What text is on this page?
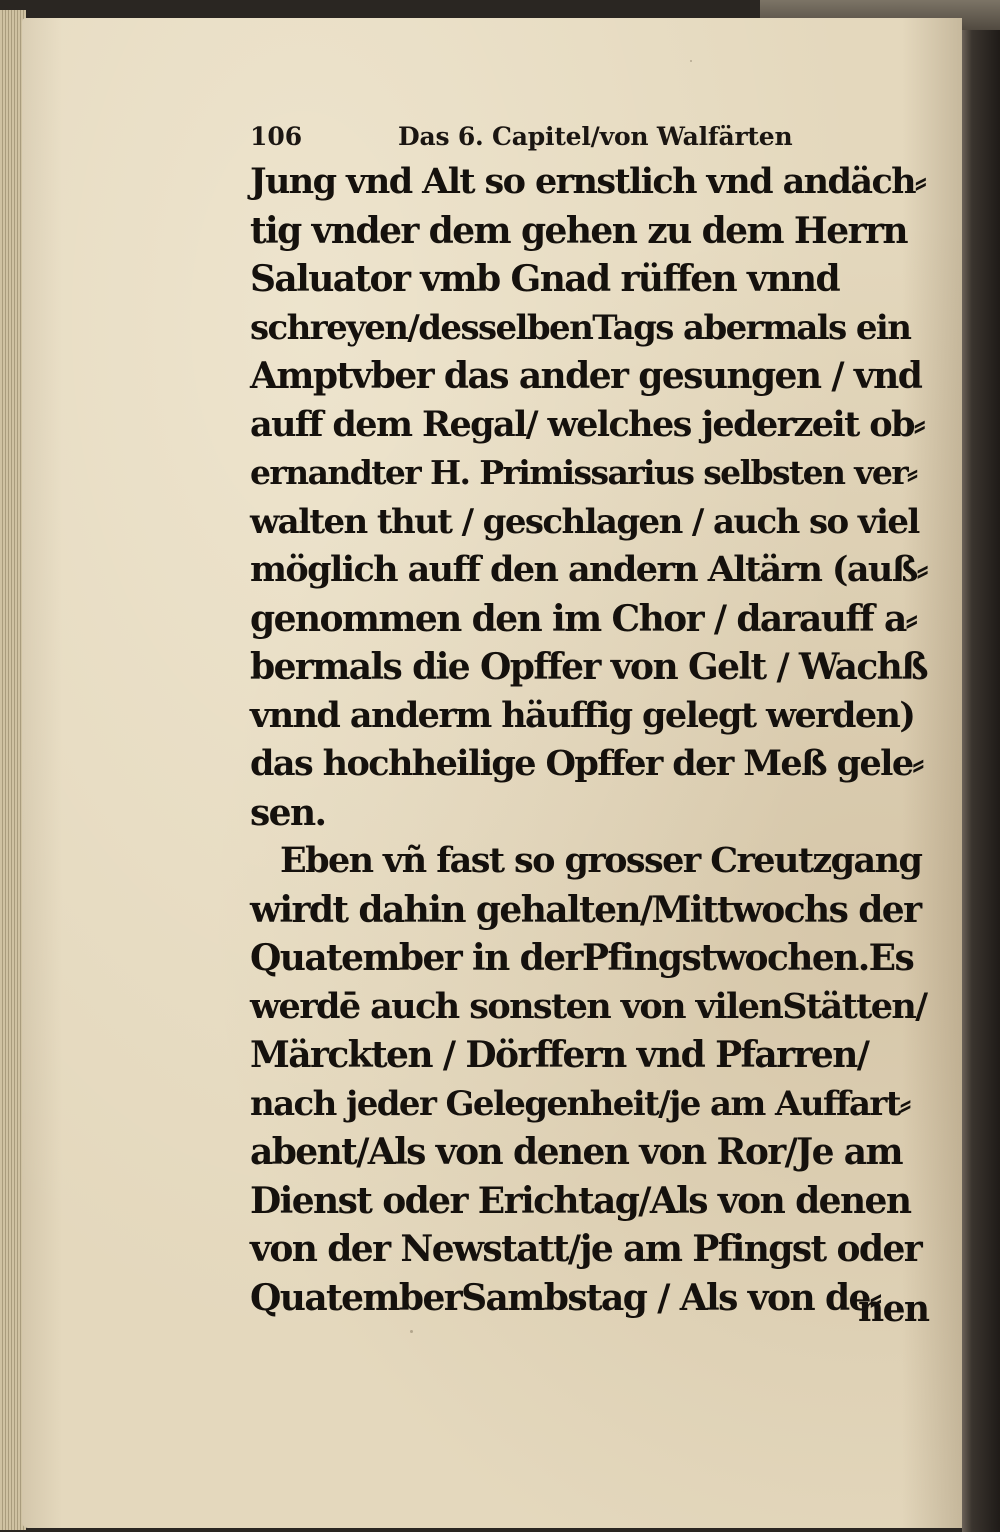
106	Das 6. Capitel/von Walfärten
Jung vnd Alt so ernstlich vnd andäch⸗
tig vnder dem gehen zu dem Herrn
Saluator vmb Gnad rüffen vnnd
schreyen/desselbenTags abermals ein
Amptvber das ander gesungen / vnd
auff dem Regal/ welches jederzeit ob⸗
ernandter H. Primissarius selbsten ver⸗
walten thut / geschlagen / auch so viel
möglich auff den andern Altärn (auß⸗
genommen den im Chor / darauff a⸗
bermals die Opffer von Gelt / Wachß
vnnd anderm häuffig gelegt werden)
das hochheilige Opffer der Meß gele⸗
sen.
Eben vñ fast so grosser Creutzgang
wirdt dahin gehalten/Mittwochs der
Quatember in derPfingstwochen.Es
werdē auch sonsten von vilenStätten/
Märckten / Dörffern vnd Pfarren/
nach jeder Gelegenheit/je am Auffart⸗
abent/Als von denen von Ror/Je am
Dienst oder Erichtag/Als von denen
von der Newstatt/je am Pfingst oder
QuatemberSambstag / Als von de⸗
nen
